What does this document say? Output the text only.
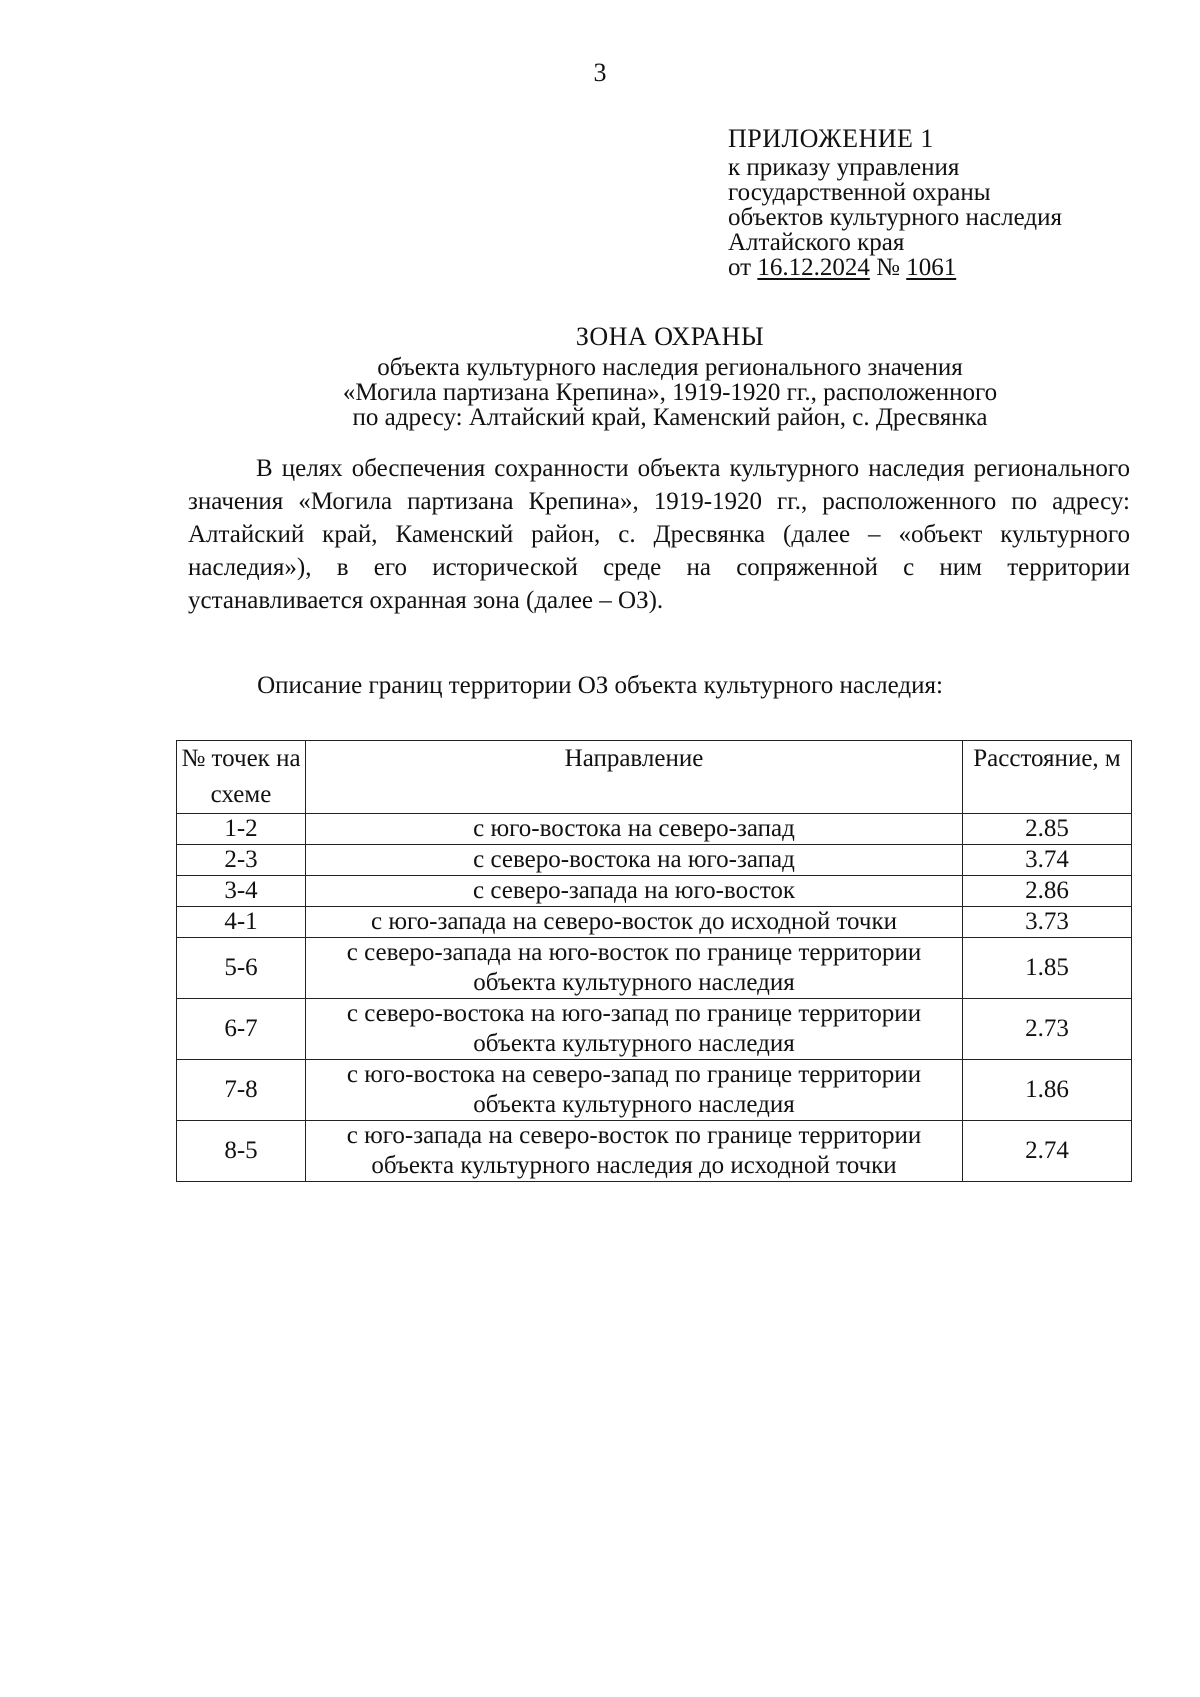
3
ПРИЛОЖЕНИЕ 1
к приказу управления
государственной охраны
объектов культурного наследия
Алтайского края
от 16.12.2024 № 1061
ЗОНА ОХРАНЫ
объекта культурного наследия регионального значения
«Могила партизана Крепина», 1919-1920 гг., расположенного
по адресу: Алтайский край, Каменский район, с. Дресвянка
В целях обеспечения сохранности объекта культурного наследия регионального значения «Могила партизана Крепина», 1919-1920 гг., расположенного по адресу: Алтайский край, Каменский район, с. Дресвянка (далее – «объект культурного наследия»), в его исторической среде на сопряженной с ним территории устанавливается охранная зона (далее – ОЗ).
Описание границ территории ОЗ объекта культурного наследия:
№ точек на схеме	Направление	Расстояние, м
1-2	с юго-востока на северо-запад	2.85
2-3	с северо-востока на юго-запад	3.74
3-4	с северо-запада на юго-восток	2.86
4-1	с юго-запада на северо-восток до исходной точки	3.73
5-6	с северо-запада на юго-восток по границе территории объекта культурного наследия	1.85
6-7	с северо-востока на юго-запад по границе территории объекта культурного наследия	2.73
7-8	с юго-востока на северо-запад по границе территории объекта культурного наследия	1.86
8-5	с юго-запада на северо-восток по границе территории объекта культурного наследия до исходной точки	2.74
